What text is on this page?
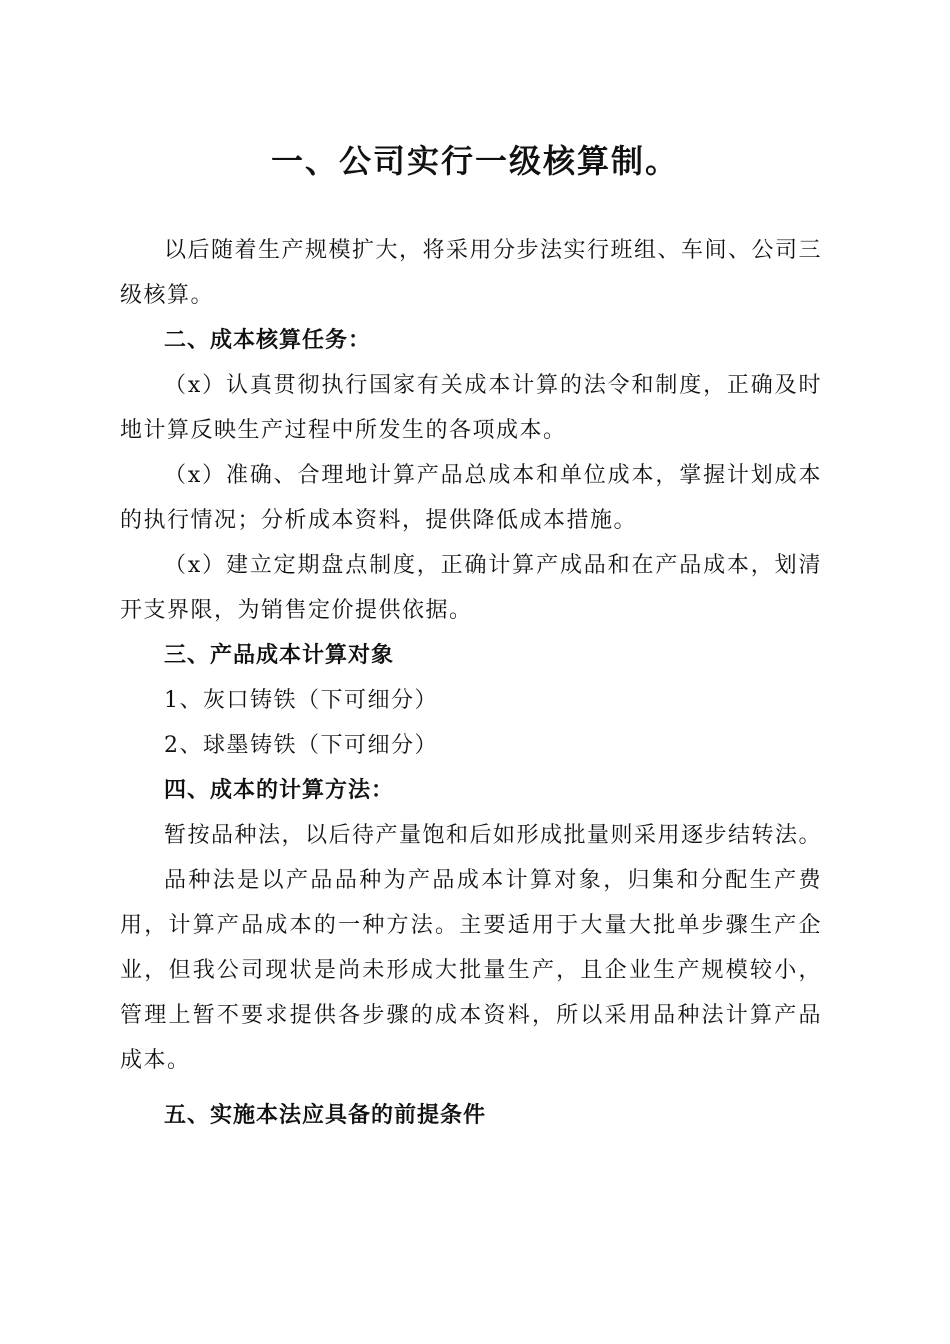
一、公司实行一级核算制。

以后随着生产规模扩大，将采用分步法实行班组、车间、公司三级核算。

二、成本核算任务：

（x）认真贯彻执行国家有关成本计算的法令和制度，正确及时地计算反映生产过程中所发生的各项成本。

（x）准确、合理地计算产品总成本和单位成本，掌握计划成本的执行情况；分析成本资料，提供降低成本措施。

（x）建立定期盘点制度，正确计算产成品和在产品成本，划清开支界限，为销售定价提供依据。

三、产品成本计算对象

1、灰口铸铁（下可细分）

2、球墨铸铁（下可细分）

四、成本的计算方法：

暂按品种法，以后待产量饱和后如形成批量则采用逐步结转法。

品种法是以产品品种为产品成本计算对象，归集和分配生产费用，计算产品成本的一种方法。主要适用于大量大批单步骤生产企业，但我公司现状是尚未形成大批量生产，且企业生产规模较小，管理上暂不要求提供各步骤的成本资料，所以采用品种法计算产品成本。

五、实施本法应具备的前提条件
